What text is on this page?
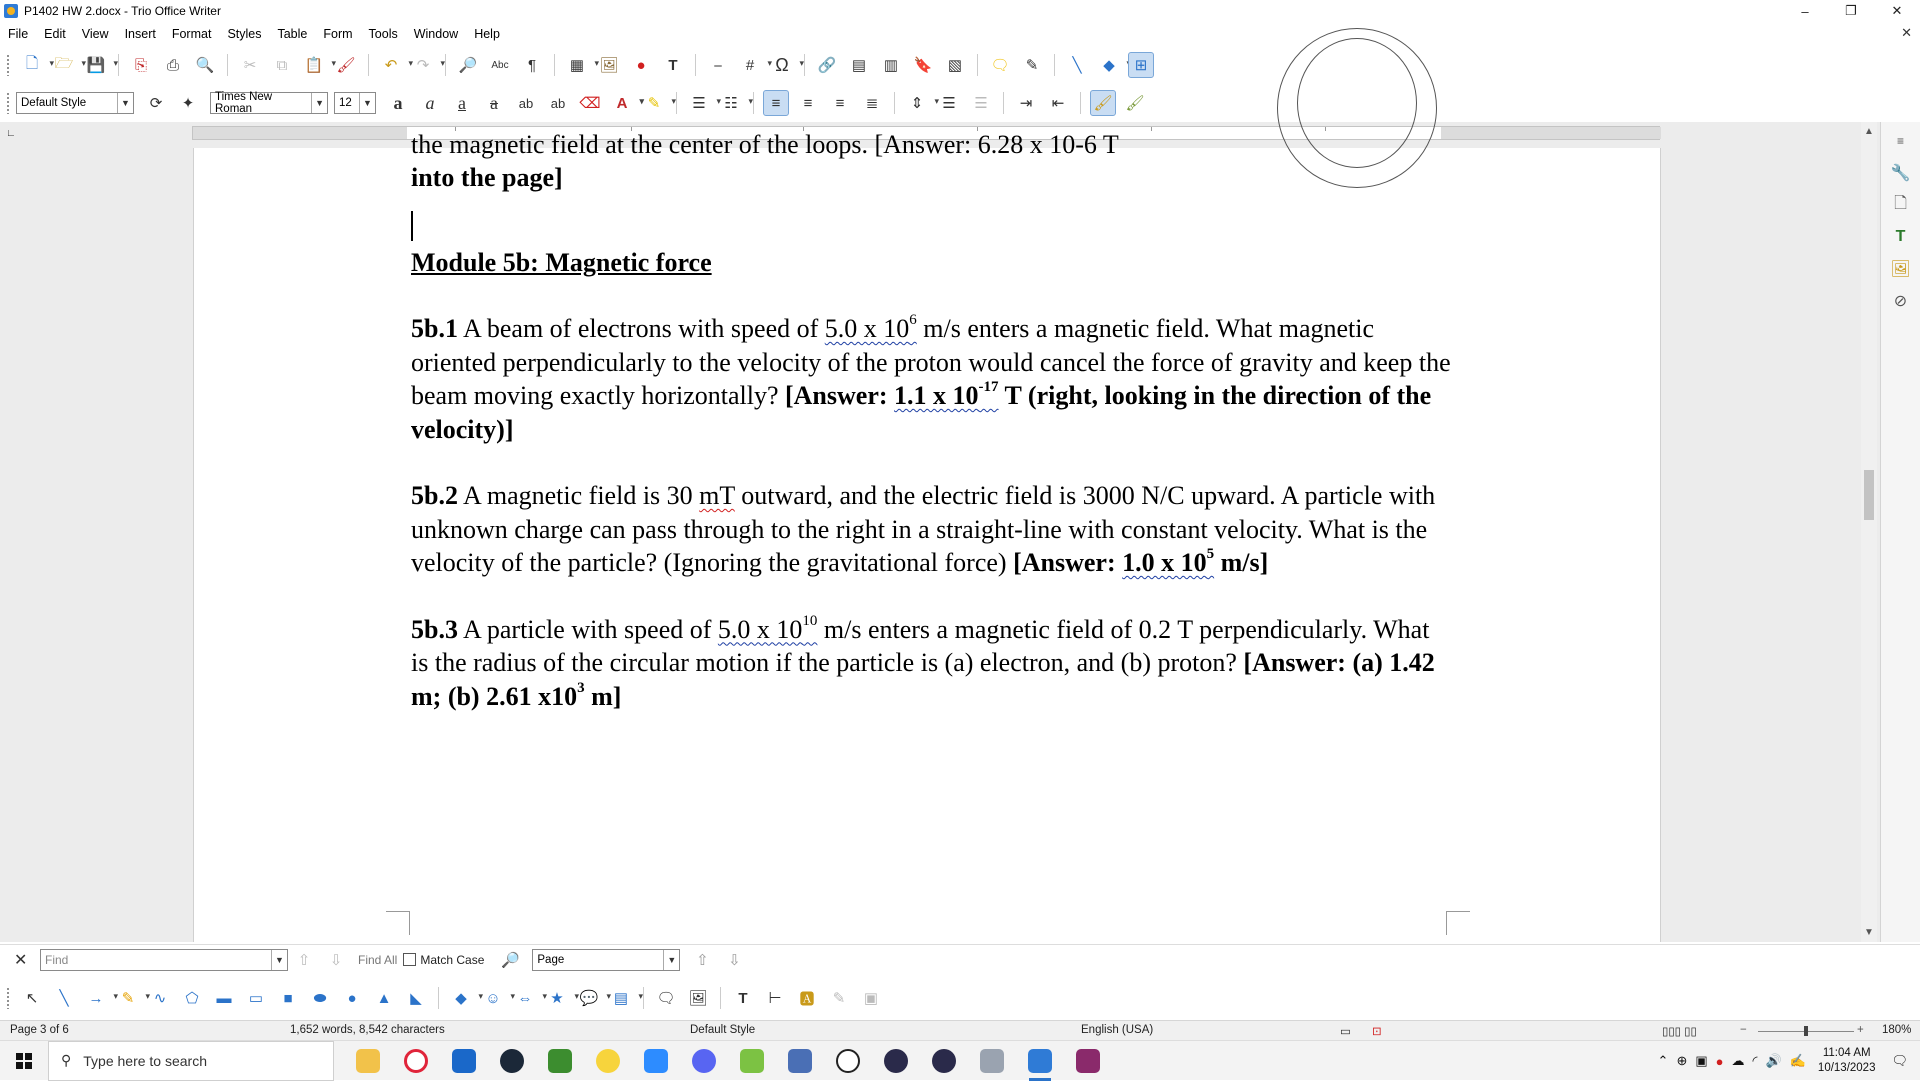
P1402 HW 2.docx - Trio Office Writer	–	❐	✕
File	Edit	View	Insert	Format	Styles	Table	Form	Tools	Window	Help	✕
🗋 ▾	🗁 ▾ 💾 ▾	⎘	⎙	🔍	✂	⧉	📋 ▾ 🖌	↶ ▾	↷ ▾	🔎	Abc	¶	▦ ▾	🖼	●	T	⎯	# ▾	Ω ▾	🔗	▤	▥	🔖	▧	🗨	✎	╲	◆ ▾	⊞
Default Style	▼	⟳	✦	Times New Roman	▼ 12	▼	a	a	a	a	ab	ab ⌫	A ▾	✎ ▾	☰ ▾	☷ ▾	≡	≡	≡	≣	⇕ ▾	☰	☰	⇥	⇤	🖌 🖌
∟	the magnetic field at the center of the loops. [Answer: 6.28 x 10-6 T

into the page]

Module 5b: Magnetic force

5b.1 A beam of electrons with speed of 5.0 x $10^6$ m/s enters a magnetic field. What magnetic oriented perpendicularly to the velocity of the proton would cancel the force of gravity and keep the beam moving exactly horizontally? [Answer: 1.1 x $10^{-17}$ T (right, looking in the direction of the velocity)]

5b.2 A magnetic field is 30 mT outward, and the electric field is 3000 N/C upward. A particle with unknown charge can pass through to the right in a straight-line with constant velocity. What is the velocity of the particle? (Ignoring the gravitational force) [Answer: 1.0 x $10^5$ m/s]

5b.3 A particle with speed of 5.0 x $10^{10}$ m/s enters a magnetic field of 0.2 T perpendicularly. What is the radius of the circular motion if the particle is (a) electron, and (b) proton? [Answer: (a) 1.42 m; (b) 2.61 $x10^3$ m]

▲
▼
≡
🔧
🗋
T
🖼
⊘
✕	Find	▼ ⇧	⇩	Find All Match Case 🔎	Page	▼	⇧	⇩
↖	╲	→ ▾	✎ ▾	∿	⬠	▬	▭	■	⬬	●	▲	◣	◆ ▾	☺ ▾	⇔ ▾	★ ▾	💬 ▾	▤ ▾	🗨 🖼	T	⊢	🅰	✎	▣
Page 3 of 6	1,652 words, 8,542 characters	Default Style	English (USA)	▭ ⊡	▯▯▯ ▯▯	−	+ 180%
⚲ Type here to search	⌃ ⊕ ▣ ● ☁ ◜ 🔊 ✍	11:04 AM
10/13/2023 🗨
